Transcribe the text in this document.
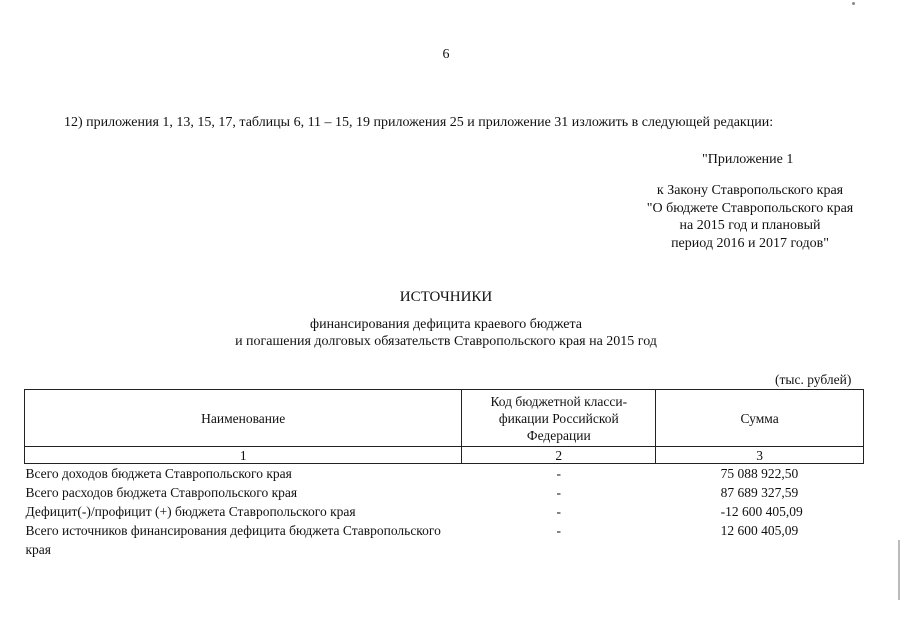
6
12) приложения 1, 13, 15, 17, таблицы 6, 11 – 15, 19 приложения 25 и приложение 31 изложить в следующей редакции:
"Приложение 1
к Закону Ставропольского края
"О бюджете Ставропольского края
на 2015 год и плановый
период 2016 и 2017 годов"
ИСТОЧНИКИ
финансирования дефицита краевого бюджета
и погашения долговых обязательств Ставропольского края на 2015 год
(тыс. рублей)
Наименование	Код бюджетной класси-
фикации Российской
Федерации	Сумма
1	2	3
Всего доходов бюджета Ставропольского края	-	75 088 922,50
Всего расходов бюджета Ставропольского края	-	87 689 327,59
Дефицит(-)/профицит (+) бюджета Ставропольского края	-	-12 600 405,09
Всего источников финансирования дефицита бюджета Ставропольского края	-	12 600 405,09
